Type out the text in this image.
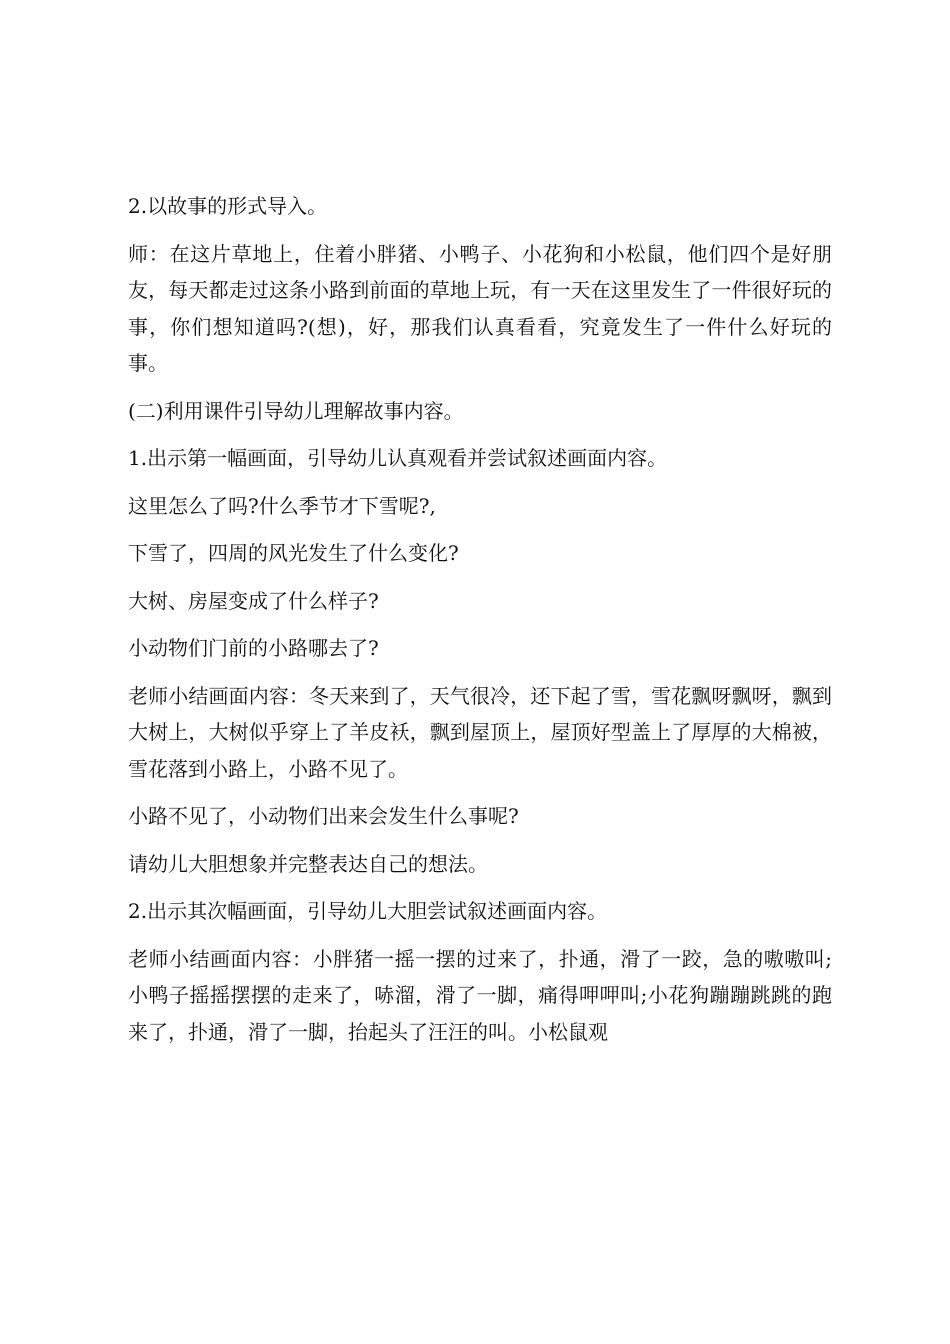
2.以故事的形式导入。

师：在这片草地上，住着小胖猪、小鸭子、小花狗和小松鼠，他们四个是好朋友，每天都走过这条小路到前面的草地上玩，有一天在这里发生了一件很好玩的事，你们想知道吗?(想)，好，那我们认真看看，究竟发生了一件什么好玩的事。

(二)利用课件引导幼儿理解故事内容。

1.出示第一幅画面，引导幼儿认真观看并尝试叙述画面内容。

这里怎么了吗?什么季节才下雪呢?,

下雪了，四周的风光发生了什么变化?

大树、房屋变成了什么样子?

小动物们门前的小路哪去了?

老师小结画面内容：冬天来到了，天气很冷，还下起了雪，雪花飘呀飘呀，飘到大树上，大树似乎穿上了羊皮袄，飘到屋顶上，屋顶好型盖上了厚厚的大棉被，雪花落到小路上，小路不见了。

小路不见了，小动物们出来会发生什么事呢?

请幼儿大胆想象并完整表达自己的想法。

2.出示其次幅画面，引导幼儿大胆尝试叙述画面内容。

老师小结画面内容：小胖猪一摇一摆的过来了，扑通，滑了一跤，急的嗷嗷叫;小鸭子摇摇摆摆的走来了，哧溜，滑了一脚，痛得呷呷叫;小花狗蹦蹦跳跳的跑来了，扑通，滑了一脚，抬起头了汪汪的叫。小松鼠观
